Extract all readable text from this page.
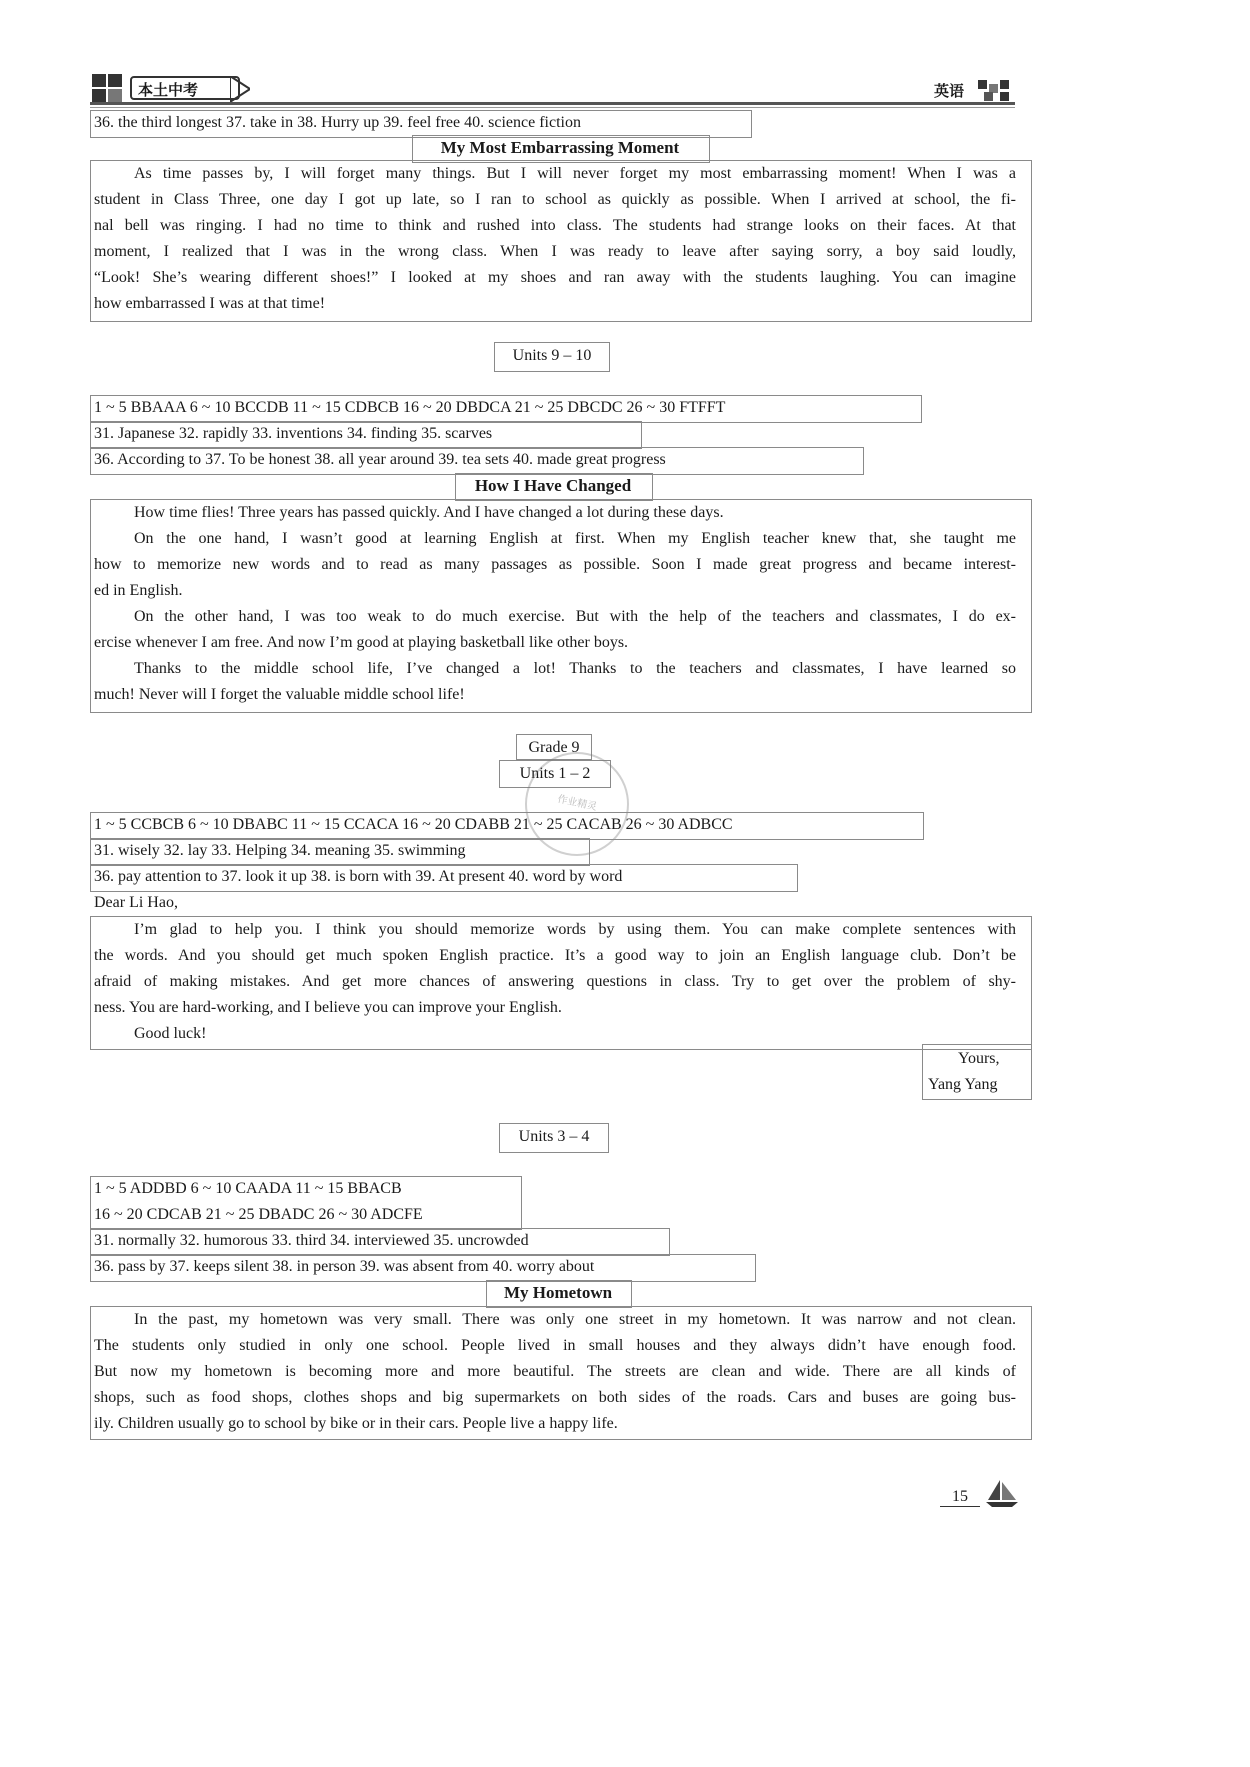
本土中考	英语
36. the third longest 37. take in 38. Hurry up 39. feel free 40. science fiction
My Most Embarrassing Moment
As time passes by, I will forget many things. But I will never forget my most embarrassing moment! When I was a
student in Class Three, one day I got up late, so I ran to school as quickly as possible. When I arrived at school, the fi-
nal bell was ringing. I had no time to think and rushed into class. The students had strange looks on their faces. At that
moment, I realized that I was in the wrong class. When I was ready to leave after saying sorry, a boy said loudly,
“Look! She’s wearing different shoes!” I looked at my shoes and ran away with the students laughing. You can imagine
how embarrassed I was at that time!
Units 9 – 10
1 ~ 5 BBAAA 6 ~ 10 BCCDB 11 ~ 15 CDBCB 16 ~ 20 DBDCA 21 ~ 25 DBCDC 26 ~ 30 FTFFT
31. Japanese 32. rapidly 33. inventions 34. finding 35. scarves
36. According to 37. To be honest 38. all year around 39. tea sets 40. made great progress
How I Have Changed
How time flies! Three years has passed quickly. And I have changed a lot during these days.
On the one hand, I wasn’t good at learning English at first. When my English teacher knew that, she taught me
how to memorize new words and to read as many passages as possible. Soon I made great progress and became interest-
ed in English.
On the other hand, I was too weak to do much exercise. But with the help of the teachers and classmates, I do ex-
ercise whenever I am free. And now I’m good at playing basketball like other boys.
Thanks to the middle school life, I’ve changed a lot! Thanks to the teachers and classmates, I have learned so
much! Never will I forget the valuable middle school life!
Grade 9
Units 1 – 2
作业精灵
1 ~ 5 CCBCB 6 ~ 10 DBABC 11 ~ 15 CCACA 16 ~ 20 CDABB 21 ~ 25 CACAB 26 ~ 30 ADBCC
31. wisely 32. lay 33. Helping 34. meaning 35. swimming
36. pay attention to 37. look it up 38. is born with 39. At present 40. word by word
Dear Li Hao,
I’m glad to help you. I think you should memorize words by using them. You can make complete sentences with
the words. And you should get much spoken English practice. It’s a good way to join an English language club. Don’t be
afraid of making mistakes. And get more chances of answering questions in class. Try to get over the problem of shy-
ness. You are hard-working, and I believe you can improve your English.
Good luck!
Yours,
Yang Yang
Units 3 – 4
1 ~ 5 ADDBD 6 ~ 10 CAADA 11 ~ 15 BBACB
16 ~ 20 CDCAB 21 ~ 25 DBADC 26 ~ 30 ADCFE
31. normally 32. humorous 33. third 34. interviewed 35. uncrowded
36. pass by 37. keeps silent 38. in person 39. was absent from 40. worry about
My Hometown
In the past, my hometown was very small. There was only one street in my hometown. It was narrow and not clean.
The students only studied in only one school. People lived in small houses and they always didn’t have enough food.
But now my hometown is becoming more and more beautiful. The streets are clean and wide. There are all kinds of
shops, such as food shops, clothes shops and big supermarkets on both sides of the roads. Cars and buses are going bus-
ily. Children usually go to school by bike or in their cars. People live a happy life.
15
